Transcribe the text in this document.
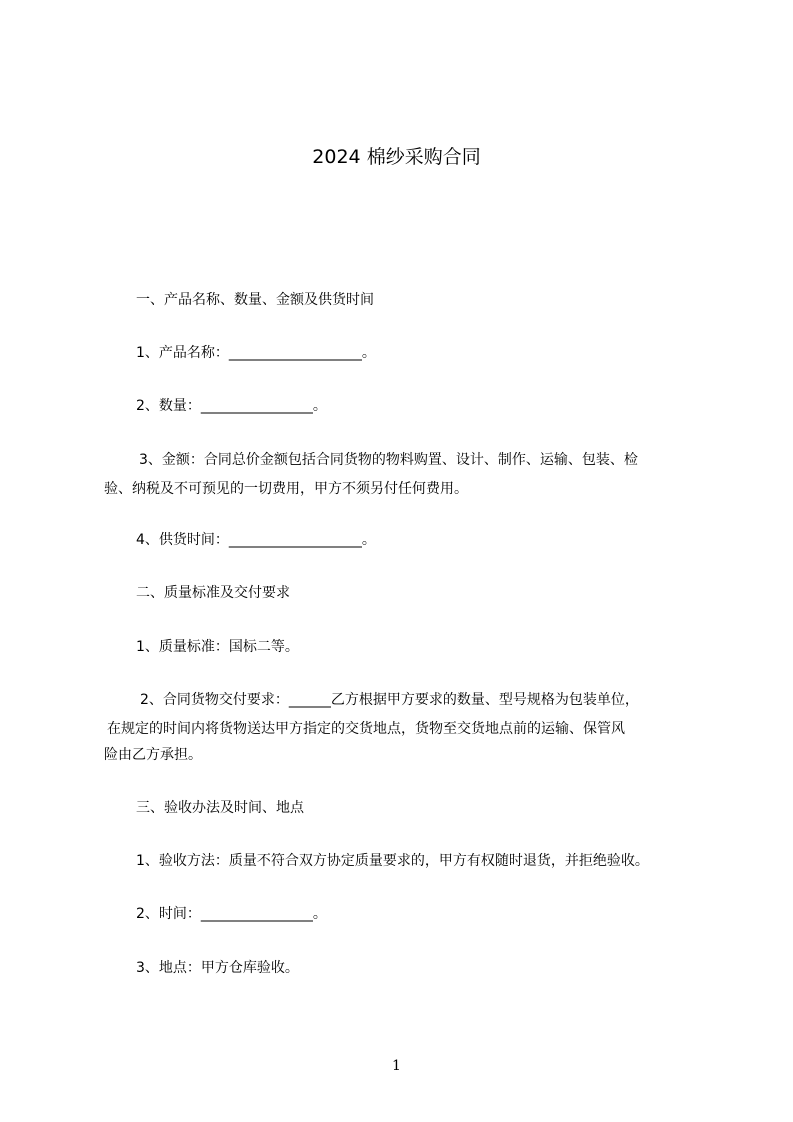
2024 棉纱采购合同
一、产品名称、数量、金额及供货时间
1、产品名称：___________________。
2、数量：________________。
3、金额：合同总价金额包括合同货物的物料购置、设计、制作、运输、包装、检
验、纳税及不可预见的一切费用，甲方不须另付任何费用。
4、供货时间：___________________。
二、质量标准及交付要求
1、质量标准：国标二等。
2、合同货物交付要求：______乙方根据甲方要求的数量、型号规格为包装单位，
在规定的时间内将货物送达甲方指定的交货地点，货物至交货地点前的运输、保管风
险由乙方承担。
三、验收办法及时间、地点
1、验收方法：质量不符合双方协定质量要求的，甲方有权随时退货，并拒绝验收。
2、时间：________________。
3、地点：甲方仓库验收。
1
